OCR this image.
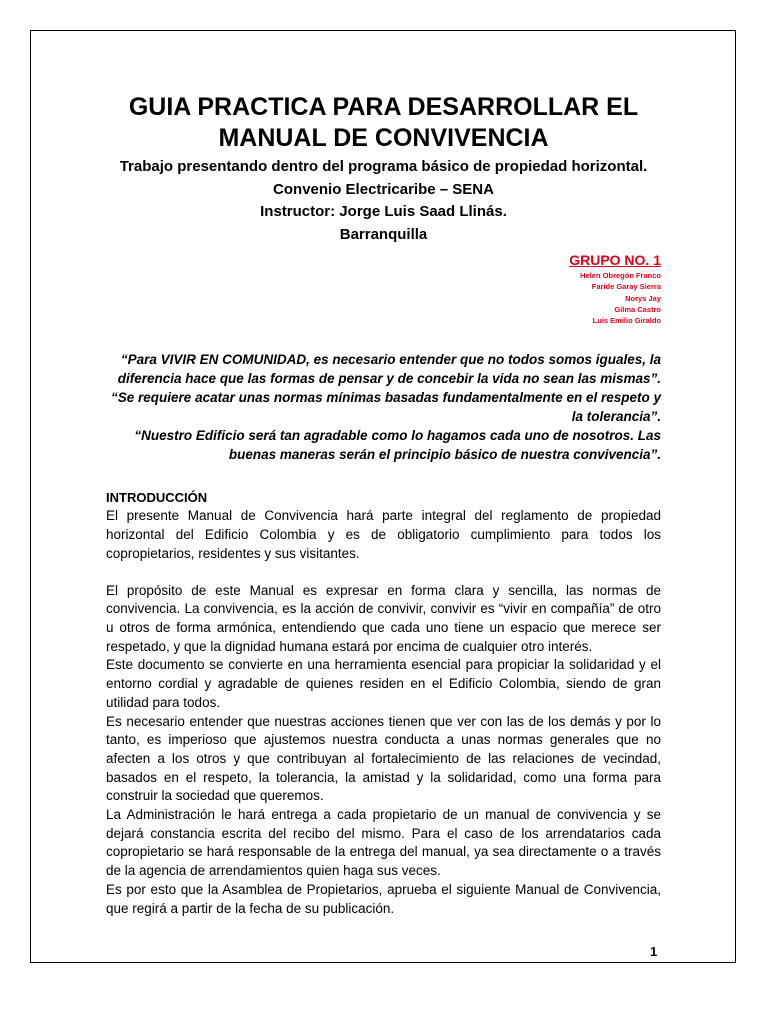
GUIA PRACTICA PARA DESARROLLAR EL
MANUAL DE CONVIVENCIA
Trabajo presentando dentro del programa básico de propiedad horizontal.
Convenio Electricaribe – SENA
Instructor: Jorge Luis Saad Llinás.
Barranquilla
GRUPO NO. 1
Helen Obregón Franco
Faride Garay Sierra
Norys Jay
Gilma Castro
Luis Emilio Giraldo

“Para VIVIR EN COMUNIDAD, es necesario entender que no todos somos iguales, la diferencia hace que las formas de pensar y de concebir la vida no sean las mismas”.

“Se requiere acatar unas normas mínimas basadas fundamentalmente en el respeto y la tolerancia”.

“Nuestro Edificio será tan agradable como lo hagamos cada uno de nosotros. Las buenas maneras serán el principio básico de nuestra convivencia”.

INTRODUCCIÓN

El presente Manual de Convivencia hará parte integral del reglamento de propiedad horizontal del Edificio Colombia y es de obligatorio cumplimiento para todos los copropietarios, residentes y sus visitantes.

El propósito de este Manual es expresar en forma clara y sencilla, las normas de convivencia. La convivencia, es la acción de convivir, convivir es “vivir en compañía” de otro u otros de forma armónica, entendiendo que cada uno tiene un espacio que merece ser respetado, y que la dignidad humana estará por encima de cualquier otro interés.

Este documento se convierte en una herramienta esencial para propiciar la solidaridad y el entorno cordial y agradable de quienes residen en el Edificio Colombia, siendo de gran utilidad para todos.

Es necesario entender que nuestras acciones tienen que ver con las de los demás y por lo tanto, es imperioso que ajustemos nuestra conducta a unas normas generales que no afecten a los otros y que contribuyan al fortalecimiento de las relaciones de vecindad, basados en el respeto, la tolerancia, la amistad y la solidaridad, como una forma para construir la sociedad que queremos.

La Administración le hará entrega a cada propietario de un manual de convivencia y se dejará constancia escrita del recibo del mismo. Para el caso de los arrendatarios cada copropietario se hará responsable de la entrega del manual, ya sea directamente o a través de la agencia de arrendamientos quien haga sus veces.

Es por esto que la Asamblea de Propietarios, aprueba el siguiente Manual de Convivencia, que regirá a partir de la fecha de su publicación.

1
